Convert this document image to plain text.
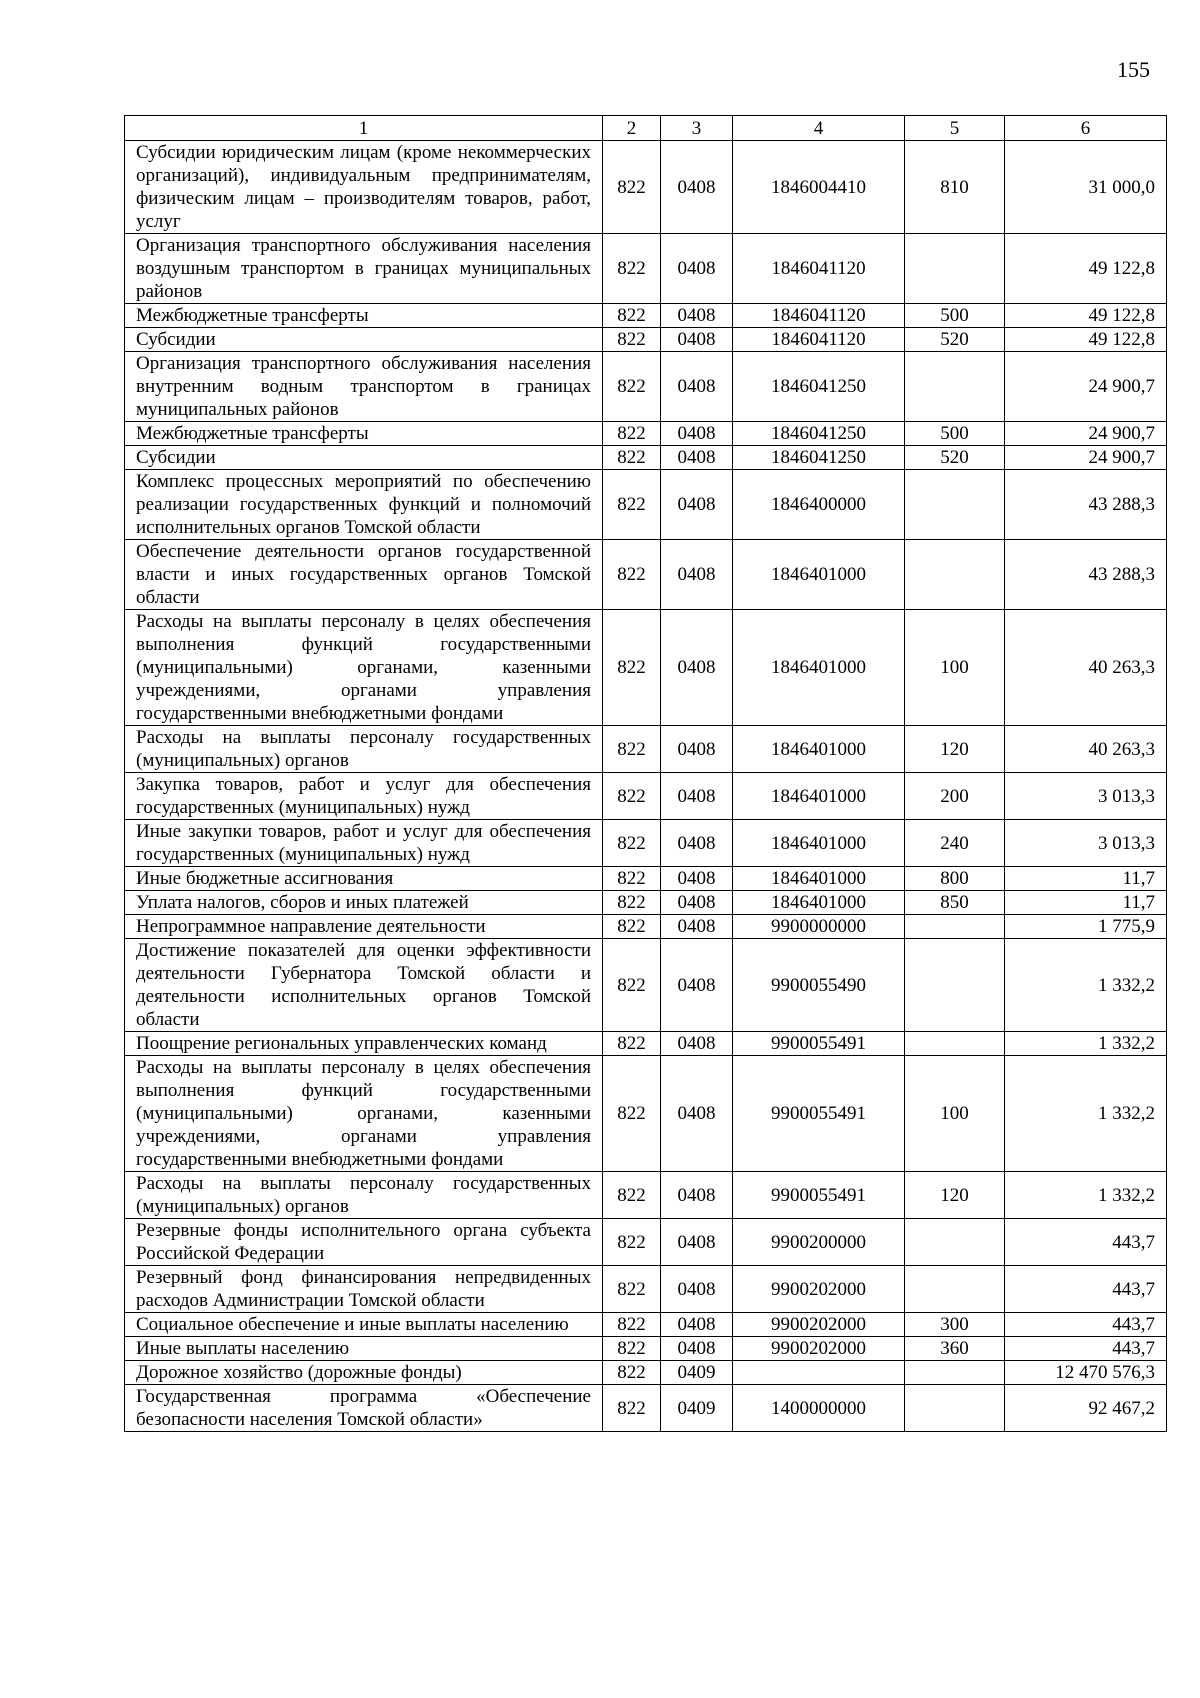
155
1	2	3	4	5	6
Субсидии юридическим лицам (кроме некоммерческих организаций), индивидуальным предпринимателям, физическим лицам – производителям товаров, работ, услуг	822	0408	1846004410	810	31 000,0
Организация транспортного обслуживания населения воздушным транспортом в границах муниципальных районов	822	0408	1846041120		49 122,8
Межбюджетные трансферты	822	0408	1846041120	500	49 122,8
Субсидии	822	0408	1846041120	520	49 122,8
Организация транспортного обслуживания населения внутренним водным транспортом в границах муниципальных районов	822	0408	1846041250		24 900,7
Межбюджетные трансферты	822	0408	1846041250	500	24 900,7
Субсидии	822	0408	1846041250	520	24 900,7
Комплекс процессных мероприятий по обеспечению реализации государственных функций и полномочий исполнительных органов Томской области	822	0408	1846400000		43 288,3
Обеспечение деятельности органов государственной власти и иных государственных органов Томской области	822	0408	1846401000		43 288,3
Расходы на выплаты персоналу в целях обеспечения выполнения функций государственными (муниципальными) органами, казенными учреждениями, органами управления государственными внебюджетными фондами	822	0408	1846401000	100	40 263,3
Расходы на выплаты персоналу государственных (муниципальных) органов	822	0408	1846401000	120	40 263,3
Закупка товаров, работ и услуг для обеспечения государственных (муниципальных) нужд	822	0408	1846401000	200	3 013,3
Иные закупки товаров, работ и услуг для обеспечения государственных (муниципальных) нужд	822	0408	1846401000	240	3 013,3
Иные бюджетные ассигнования	822	0408	1846401000	800	11,7
Уплата налогов, сборов и иных платежей	822	0408	1846401000	850	11,7
Непрограммное направление деятельности	822	0408	9900000000		1 775,9
Достижение показателей для оценки эффективности деятельности Губернатора Томской области и деятельности исполнительных органов Томской области	822	0408	9900055490		1 332,2
Поощрение региональных управленческих команд	822	0408	9900055491		1 332,2
Расходы на выплаты персоналу в целях обеспечения выполнения функций государственными (муниципальными) органами, казенными учреждениями, органами управления государственными внебюджетными фондами	822	0408	9900055491	100	1 332,2
Расходы на выплаты персоналу государственных (муниципальных) органов	822	0408	9900055491	120	1 332,2
Резервные фонды исполнительного органа субъекта Российской Федерации	822	0408	9900200000		443,7
Резервный фонд финансирования непредвиденных расходов Администрации Томской области	822	0408	9900202000		443,7
Социальное обеспечение и иные выплаты населению	822	0408	9900202000	300	443,7
Иные выплаты населению	822	0408	9900202000	360	443,7
Дорожное хозяйство (дорожные фонды)	822	0409			12 470 576,3
Государственная программа «Обеспечение безопасности населения Томской области»	822	0409	1400000000		92 467,2
